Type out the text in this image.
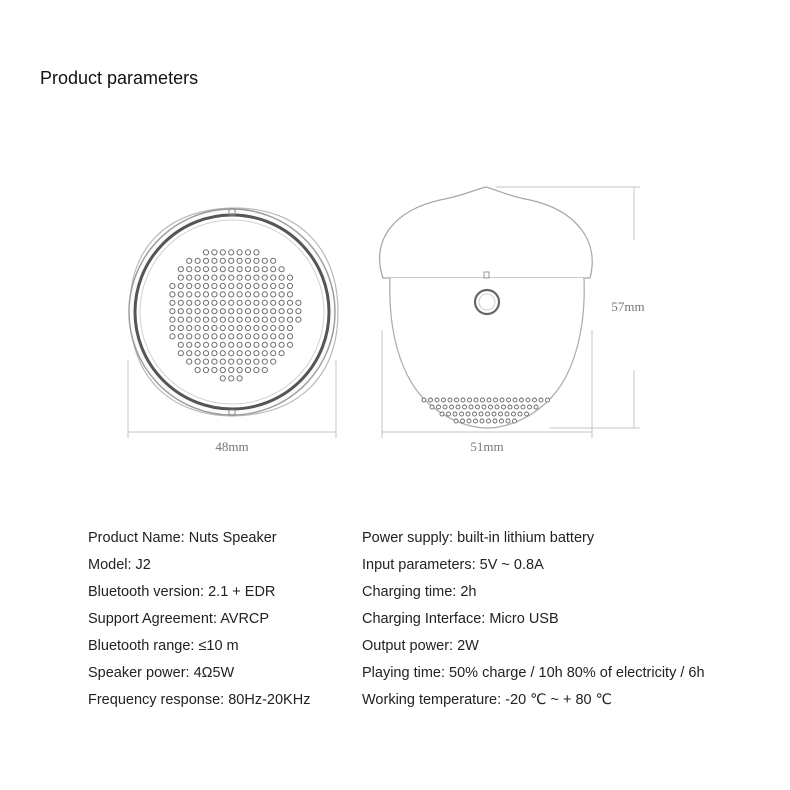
Product parameters
48mm	51mm
57mm
Product Name: Nuts Speaker
Model: J2
Bluetooth version: 2.1 + EDR
Support Agreement: AVRCP
Bluetooth range: ≤10 m
Speaker power: 4Ω5W
Frequency response: 80Hz-20KHz
Power supply: built-in lithium battery
Input parameters: 5V ~ 0.8A
Charging time: 2h
Charging Interface: Micro USB
Output power: 2W
Playing time: 50% charge / 10h 80% of electricity / 6h
Working temperature: -20 ℃ ~ + 80 ℃
